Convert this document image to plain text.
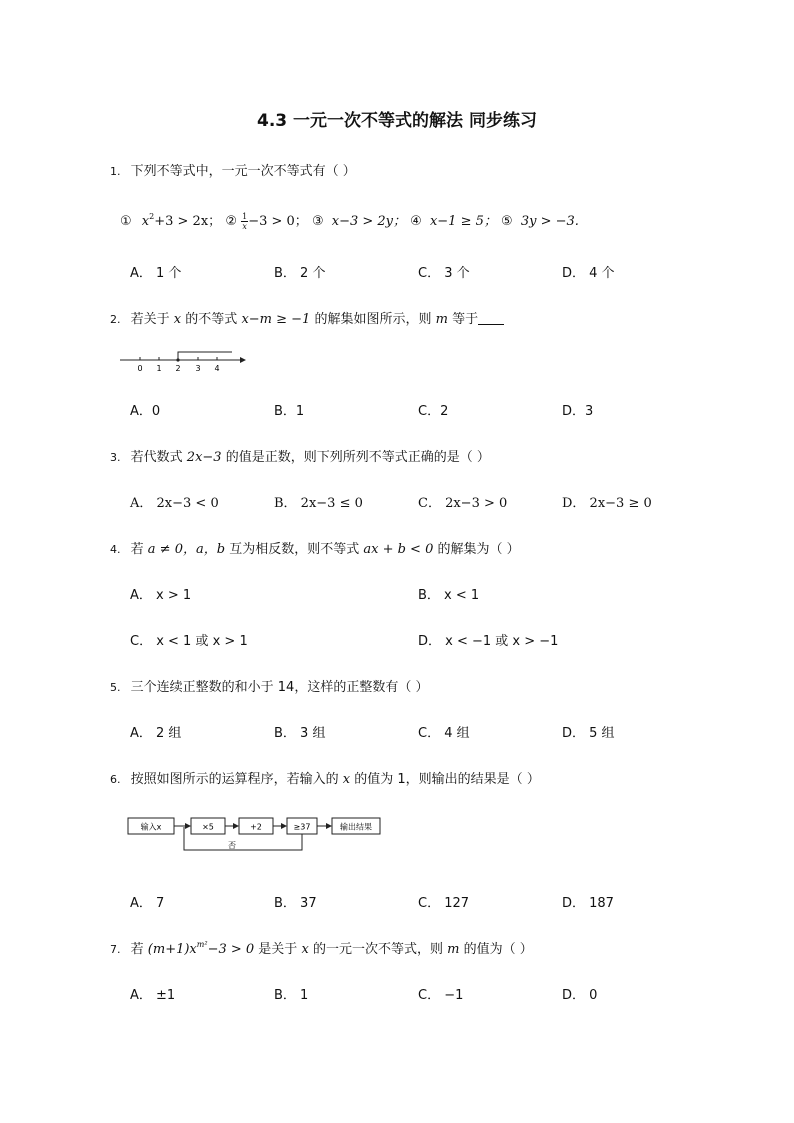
4.3 一元一次不等式的解法 同步练习
1. 下列不等式中，一元一次不等式有（ ）
① $x^2+3 > 2x$； ② $\frac{1}{x} -3 > 0$； ③ x−3 > 2y； ④ x−1 ≥ 5； ⑤ 3y > −3.
A． 1 个	B． 2 个	C． 3 个	D． 4 个
2. 若关于 x 的不等式 x−m ≥ −1 的解集如图所示，则 m 等于
0 1 2 3 4
A．0	B．1	C．2	D．3
3. 若代数式 2x−3 的值是正数，则下列所列不等式正确的是（ ）
A． 2x−3 < 0	B． 2x−3 ≤ 0	C． 2x−3 > 0	D． 2x−3 ≥ 0
4. 若 a ≠ 0，a，b 互为相反数，则不等式 ax + b < 0 的解集为（ ）
A． x > 1	B． x < 1
C． x < 1 或 x > 1	D． x < −1 或 x > −1
5. 三个连续正整数的和小于 14，这样的正整数有（ ）
A． 2 组	B． 3 组	C． 4 组	D． 5 组
6. 按照如图所示的运算程序，若输入的 x 的值为 1，则输出的结果是（ ）
输入x	×5	+2	≥37	输出结果
否
A． 7	B． 37	C． 127	D． 187
7. 若 $(m+1)x^{m^2}-3 > 0$ 是关于 x 的一元一次不等式，则 m 的值为（ ）
A． ±1	B． 1	C． −1	D． 0
